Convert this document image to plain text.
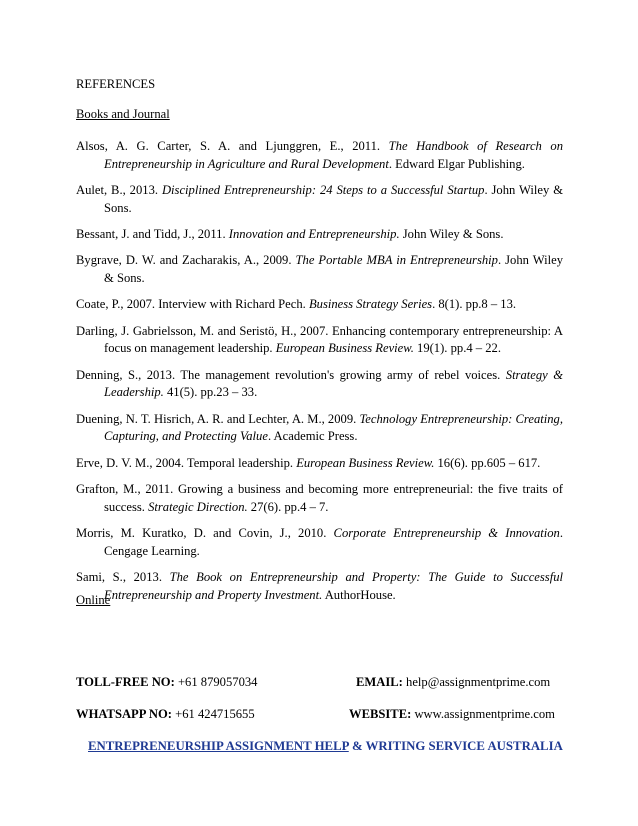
REFERENCES
Books and Journal

Alsos, A. G. Carter, S. A. and Ljunggren, E., 2011. The Handbook of Research on Entrepreneurship in Agriculture and Rural Development. Edward Elgar Publishing.

Aulet, B., 2013. Disciplined Entrepreneurship: 24 Steps to a Successful Startup. John Wiley & Sons.

Bessant, J. and Tidd, J., 2011. Innovation and Entrepreneurship. John Wiley & Sons.

Bygrave, D. W. and Zacharakis, A., 2009. The Portable MBA in Entrepreneurship. John Wiley & Sons.

Coate, P., 2007. Interview with Richard Pech. Business Strategy Series. 8(1). pp.8 – 13.

Darling, J. Gabrielsson, M. and Seristö, H., 2007. Enhancing contemporary entrepreneurship: A focus on management leadership. European Business Review. 19(1). pp.4 – 22.

Denning, S., 2013. The management revolution's growing army of rebel voices. Strategy & Leadership. 41(5). pp.23 – 33.

Duening, N. T. Hisrich, A. R. and Lechter, A. M., 2009. Technology Entrepreneurship: Creating, Capturing, and Protecting Value. Academic Press.

Erve, D. V. M., 2004. Temporal leadership. European Business Review. 16(6). pp.605 – 617.

Grafton, M., 2011. Growing a business and becoming more entrepreneurial: the five traits of success. Strategic Direction. 27(6). pp.4 – 7.

Morris, M. Kuratko, D. and Covin, J., 2010. Corporate Entrepreneurship & Innovation. Cengage Learning.

Sami, S., 2013. The Book on Entrepreneurship and Property: The Guide to Successful Entrepreneurship and Property Investment. AuthorHouse.

Online
TOLL-FREE NO: +61 879057034	EMAIL: help@assignmentprime.com
WHATSAPP NO: +61 424715655	WEBSITE: www.assignmentprime.com
ENTREPRENEURSHIP ASSIGNMENT HELP & WRITING SERVICE AUSTRALIA
